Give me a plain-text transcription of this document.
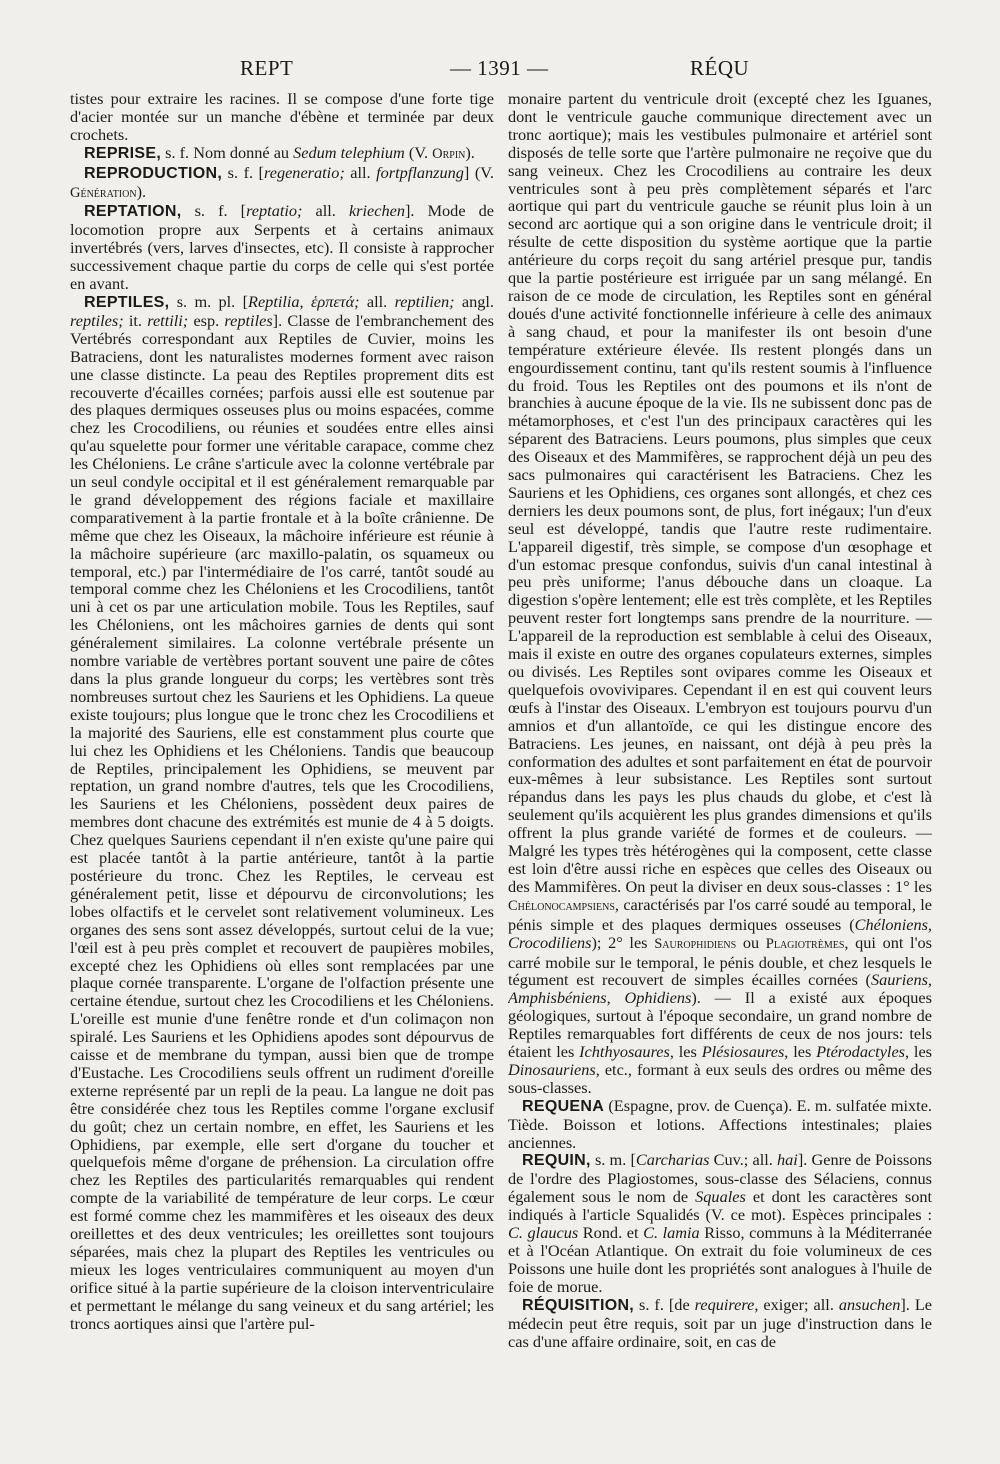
REPT	— 1391 —	RÉQU

tistes pour extraire les racines. Il se compose d'une forte tige d'acier montée sur un manche d'ébène et terminée par deux crochets.

REPRISE, s. f. Nom donné au Sedum telephium (V. Orpin).

REPRODUCTION, s. f. [regeneratio; all. fortpflanzung] (V. Génération).

REPTATION, s. f. [reptatio; all. kriechen]. Mode de locomotion propre aux Serpents et à certains animaux invertébrés (vers, larves d'insectes, etc). Il consiste à rapprocher successivement chaque partie du corps de celle qui s'est portée en avant.

REPTILES, s. m. pl. [Reptilia, ἑρπετά; all. reptilien; angl. reptiles; it. rettili; esp. reptiles]. Classe de l'embranchement des Vertébrés correspondant aux Reptiles de Cuvier, moins les Batraciens, dont les naturalistes modernes forment avec raison une classe distincte. La peau des Reptiles proprement dits est recouverte d'écailles cornées; parfois aussi elle est soutenue par des plaques dermiques osseuses plus ou moins espacées, comme chez les Crocodiliens, ou réunies et soudées entre elles ainsi qu'au squelette pour former une véritable carapace, comme chez les Chéloniens. Le crâne s'articule avec la colonne vertébrale par un seul condyle occipital et il est généralement remarquable par le grand développement des régions faciale et maxillaire comparativement à la partie frontale et à la boîte crânienne. De même que chez les Oiseaux, la mâchoire inférieure est réunie à la mâchoire supérieure (arc maxillo-palatin, os squameux ou temporal, etc.) par l'intermédiaire de l'os carré, tantôt soudé au temporal comme chez les Chéloniens et les Crocodiliens, tantôt uni à cet os par une articulation mobile. Tous les Reptiles, sauf les Chéloniens, ont les mâchoires garnies de dents qui sont généralement similaires. La colonne vertébrale présente un nombre variable de vertèbres portant souvent une paire de côtes dans la plus grande longueur du corps; les vertèbres sont très nombreuses surtout chez les Sauriens et les Ophidiens. La queue existe toujours; plus longue que le tronc chez les Crocodiliens et la majorité des Sauriens, elle est constamment plus courte que lui chez les Ophidiens et les Chéloniens. Tandis que beaucoup de Reptiles, principalement les Ophidiens, se meuvent par reptation, un grand nombre d'autres, tels que les Crocodiliens, les Sauriens et les Chéloniens, possèdent deux paires de membres dont chacune des extrémités est munie de 4 à 5 doigts. Chez quelques Sauriens cependant il n'en existe qu'une paire qui est placée tantôt à la partie antérieure, tantôt à la partie postérieure du tronc. Chez les Reptiles, le cerveau est généralement petit, lisse et dépourvu de circonvolutions; les lobes olfactifs et le cervelet sont relativement volumineux. Les organes des sens sont assez développés, surtout celui de la vue; l'œil est à peu près complet et recouvert de paupières mobiles, excepté chez les Ophidiens où elles sont remplacées par une plaque cornée transparente. L'organe de l'olfaction présente une certaine étendue, surtout chez les Crocodiliens et les Chéloniens. L'oreille est munie d'une fenêtre ronde et d'un colimaçon non spiralé. Les Sauriens et les Ophidiens apodes sont dépourvus de caisse et de membrane du tympan, aussi bien que de trompe d'Eustache. Les Crocodiliens seuls offrent un rudiment d'oreille externe représenté par un repli de la peau. La langue ne doit pas être considérée chez tous les Reptiles comme l'organe exclusif du goût; chez un certain nombre, en effet, les Sauriens et les Ophidiens, par exemple, elle sert d'organe du toucher et quelquefois même d'organe de préhension. La circulation offre chez les Reptiles des particularités remarquables qui rendent compte de la variabilité de température de leur corps. Le cœur est formé comme chez les mammifères et les oiseaux des deux oreillettes et des deux ventricules; les oreillettes sont toujours séparées, mais chez la plupart des Reptiles les ventricules ou mieux les loges ventriculaires communiquent au moyen d'un orifice situé à la partie supérieure de la cloison interventriculaire et permettant le mélange du sang veineux et du sang artériel; les troncs aortiques ainsi que l'artère pul-

monaire partent du ventricule droit (excepté chez les Iguanes, dont le ventricule gauche communique directement avec un tronc aortique); mais les vestibules pulmonaire et artériel sont disposés de telle sorte que l'artère pulmonaire ne reçoive que du sang veineux. Chez les Crocodiliens au contraire les deux ventricules sont à peu près complètement séparés et l'arc aortique qui part du ventricule gauche se réunit plus loin à un second arc aortique qui a son origine dans le ventricule droit; il résulte de cette disposition du système aortique que la partie antérieure du corps reçoit du sang artériel presque pur, tandis que la partie postérieure est irriguée par un sang mélangé. En raison de ce mode de circulation, les Reptiles sont en général doués d'une activité fonctionnelle inférieure à celle des animaux à sang chaud, et pour la manifester ils ont besoin d'une température extérieure élevée. Ils restent plongés dans un engourdissement continu, tant qu'ils restent soumis à l'influence du froid. Tous les Reptiles ont des poumons et ils n'ont de branchies à aucune époque de la vie. Ils ne subissent donc pas de métamorphoses, et c'est l'un des principaux caractères qui les séparent des Batraciens. Leurs poumons, plus simples que ceux des Oiseaux et des Mammifères, se rapprochent déjà un peu des sacs pulmonaires qui caractérisent les Batraciens. Chez les Sauriens et les Ophidiens, ces organes sont allongés, et chez ces derniers les deux poumons sont, de plus, fort inégaux; l'un d'eux seul est développé, tandis que l'autre reste rudimentaire. L'appareil digestif, très simple, se compose d'un œsophage et d'un estomac presque confondus, suivis d'un canal intestinal à peu près uniforme; l'anus débouche dans un cloaque. La digestion s'opère lentement; elle est très complète, et les Reptiles peuvent rester fort longtemps sans prendre de la nourriture. — L'appareil de la reproduction est semblable à celui des Oiseaux, mais il existe en outre des organes copulateurs externes, simples ou divisés. Les Reptiles sont ovipares comme les Oiseaux et quelquefois ovovivipares. Cependant il en est qui couvent leurs œufs à l'instar des Oiseaux. L'embryon est toujours pourvu d'un amnios et d'un allantoïde, ce qui les distingue encore des Batraciens. Les jeunes, en naissant, ont déjà à peu près la conformation des adultes et sont parfaitement en état de pourvoir eux-mêmes à leur subsistance. Les Reptiles sont surtout répandus dans les pays les plus chauds du globe, et c'est là seulement qu'ils acquièrent les plus grandes dimensions et qu'ils offrent la plus grande variété de formes et de couleurs. — Malgré les types très hétérogènes qui la composent, cette classe est loin d'être aussi riche en espèces que celles des Oiseaux ou des Mammifères. On peut la diviser en deux sous-classes : 1° les Chélonocampsiens, caractérisés par l'os carré soudé au temporal, le pénis simple et des plaques dermiques osseuses (Chéloniens, Crocodiliens); 2° les Saurophidiens ou Plagiotrèmes, qui ont l'os carré mobile sur le temporal, le pénis double, et chez lesquels le tégument est recouvert de simples écailles cornées (Sauriens, Amphisbéniens, Ophidiens). — Il a existé aux époques géologiques, surtout à l'époque secondaire, un grand nombre de Reptiles remarquables fort différents de ceux de nos jours: tels étaient les Ichthyosaures, les Plésiosaures, les Ptérodactyles, les Dinosauriens, etc., formant à eux seuls des ordres ou même des sous-classes.

REQUENA (Espagne, prov. de Cuença). E. m. sulfatée mixte. Tiède. Boisson et lotions. Affections intestinales; plaies anciennes.

REQUIN, s. m. [Carcharias Cuv.; all. hai]. Genre de Poissons de l'ordre des Plagiostomes, sous-classe des Sélaciens, connus également sous le nom de Squales et dont les caractères sont indiqués à l'article Squalidés (V. ce mot). Espèces principales : C. glaucus Rond. et C. lamia Risso, communs à la Méditerranée et à l'Océan Atlantique. On extrait du foie volumineux de ces Poissons une huile dont les propriétés sont analogues à l'huile de foie de morue.

RÉQUISITION, s. f. [de requirere, exiger; all. ansuchen]. Le médecin peut être requis, soit par un juge d'instruction dans le cas d'une affaire ordinaire, soit, en cas de
